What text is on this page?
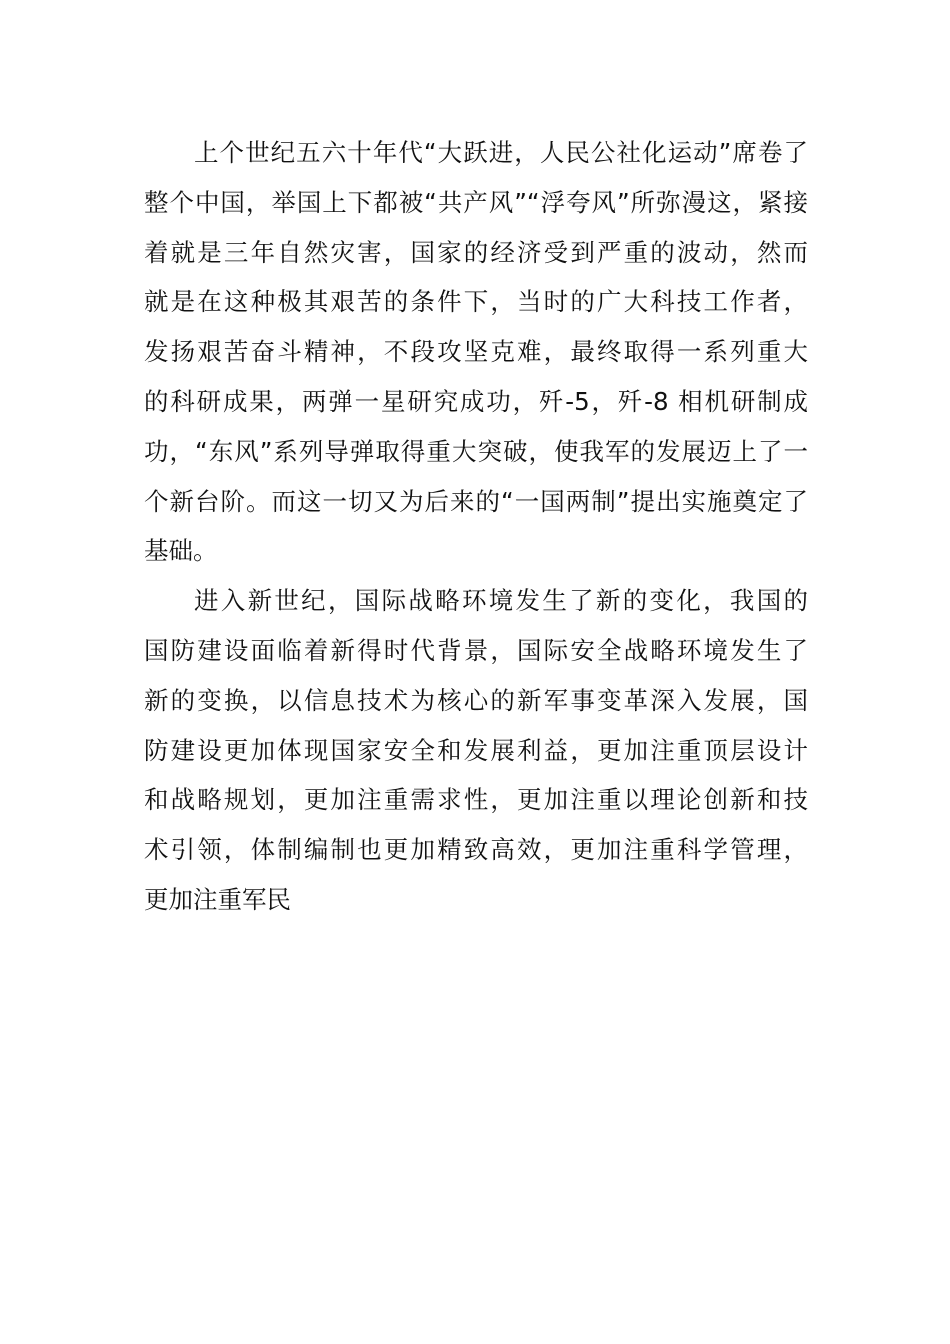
上个世纪五六十年代“大跃进，人民公社化运动”席卷了
整个中国，举国上下都被“共产风”“浮夸风”所弥漫这，紧接
着就是三年自然灾害，国家的经济受到严重的波动，然而
就是在这种极其艰苦的条件下，当时的广大科技工作者，
发扬艰苦奋斗精神，不段攻坚克难，最终取得一系列重大
的科研成果，两弹一星研究成功，歼-5，歼-8 相机研制成
功，“东风”系列导弹取得重大突破，使我军的发展迈上了一
个新台阶。而这一切又为后来的“一国两制”提出实施奠定了
基础。
进入新世纪，国际战略环境发生了新的变化，我国的
国防建设面临着新得时代背景，国际安全战略环境发生了
新的变换，以信息技术为核心的新军事变革深入发展，国
防建设更加体现国家安全和发展利益，更加注重顶层设计
和战略规划，更加注重需求性，更加注重以理论创新和技
术引领，体制编制也更加精致高效，更加注重科学管理，
更加注重军民
